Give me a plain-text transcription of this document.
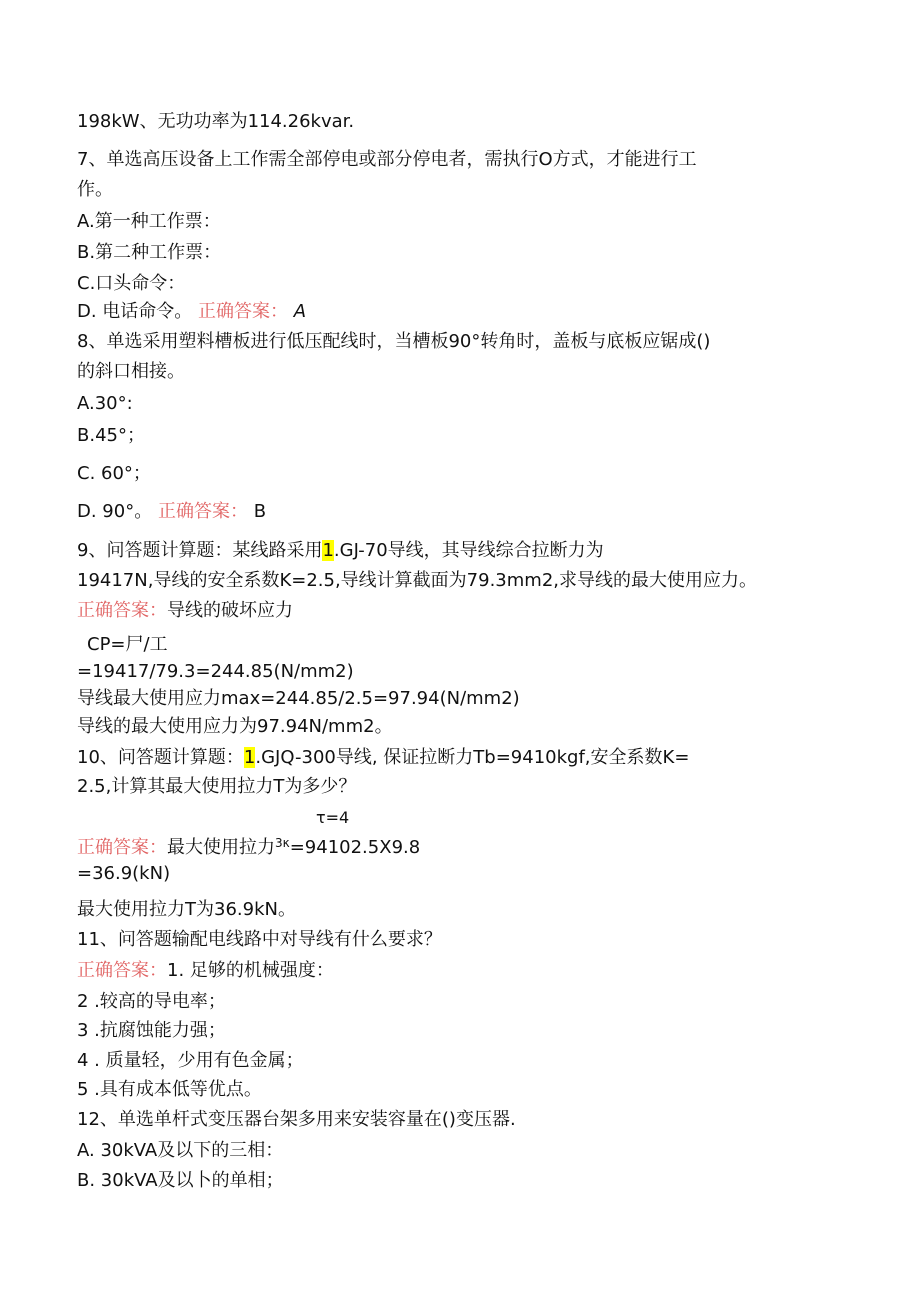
198kW、无功功率为114.26kvar.
7、单选高压设备上工作需全部停电或部分停电者，需执行O方式，才能进行工
作。
A.第一种工作票：
B.第二种工作票：
C.口头命令：
D. 电话命令。 正确答案： A
8、单选采用塑料槽板进行低压配线时，当槽板90°转角时，盖板与底板应锯成()
的斜口相接。
A.30°:
B.45°；
C. 60°；
D. 90°。 正确答案： B
9、问答题计算题：某线路采用1.GJ-70导线，其导线综合拉断力为
19417N,导线的安全系数K=2.5,导线计算截面为79.3mm2,求导线的最大使用应力。
正确答案：导线的破坏应力
CP=尸/工
=19417/79.3=244.85(N∕mm2)
导线最大使用应力max=244.85/2.5=97.94(N∕mm2)
导线的最大使用应力为97.94N/mm2。
10、问答题计算题：1.GJQ-300导线, 保证拉断力Tb=9410kgf,安全系数K=
2.5,计算其最大使用拉力T为多少？
τ=4
正确答案：最大使用拉力$^{3\kappa}$=94102.5X9.8
=36.9(kN)
最大使用拉力T为36.9kN。
11、问答题输配电线路中对导线有什么要求？
正确答案：1. 足够的机械强度：
2 .较高的导电率；
3 .抗腐蚀能力强；
4 . 质量轻，少用有色金属；
5 .具有成本低等优点。
12、单选单杆式变压器台架多用来安装容量在()变压器.
A. 30kVA及以下的三相：
B. 30kVA及以卜的单相；
